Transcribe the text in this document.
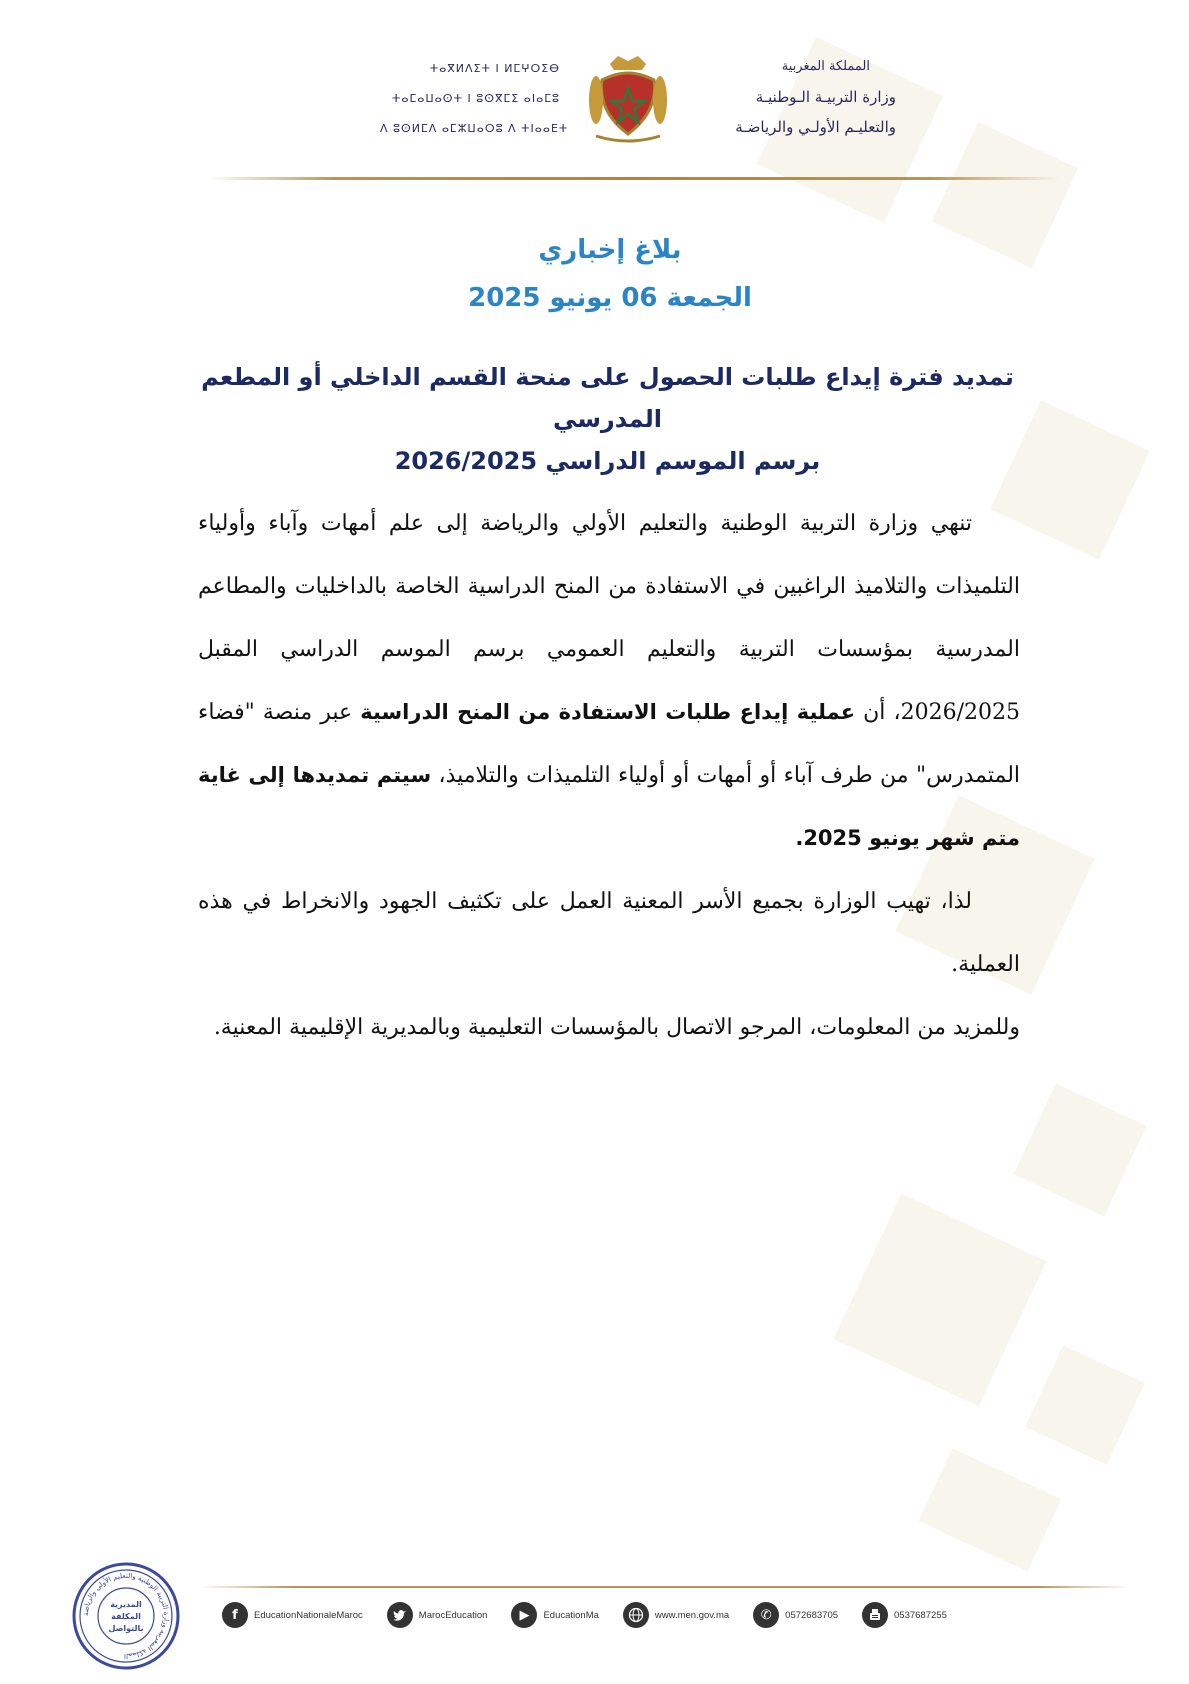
ⵜⴰⴳⵍⴷⵉⵜ ⵏ ⵍⵎⵖⵔⵉⴱ
ⵜⴰⵎⴰⵡⴰⵙⵜ ⵏ ⵓⵙⴳⵎⵉ ⴰⵏⴰⵎⵓ
ⴷ ⵓⵙⵍⵎⴷ ⴰⵎⵣⵡⴰⵔⵓ ⴷ ⵜⵏⴰⴰⴹⵜ
المملكة المغربية
وزارة التربيـة الـوطنيـة
والتعليـم الأولـي والرياضـة

بلاغ إخباري

الجمعة 06 يونيو 2025

تمديد فترة إيداع طلبات الحصول على منحة القسم الداخلي أو المطعم المدرسي

برسم الموسم الدراسي 2026/2025

تنهي وزارة التربية الوطنية والتعليم الأولي والرياضة إلى علم أمهات وآباء وأولياء التلميذات والتلاميذ الراغبين في الاستفادة من المنح الدراسية الخاصة بالداخليات والمطاعم المدرسية بمؤسسات التربية والتعليم العمومي برسم الموسم الدراسي المقبل 2026/2025، أن عملية إيداع طلبات الاستفادة من المنح الدراسية عبر منصة "فضاء المتمدرس" من طرف آباء أو أمهات أو أولياء التلميذات والتلاميذ، سيتم تمديدها إلى غاية متم شهر يونيو 2025.

لذا، تهيب الوزارة بجميع الأسر المعنية العمل على تكثيف الجهود والانخراط في هذه العملية.

وللمزيد من المعلومات، المرجو الاتصال بالمؤسسات التعليمية وبالمديرية الإقليمية المعنية.

المملكة المغربية وزارة التربية الوطنية والتعليم الأولي والرياضة
المديرية
المكلفة
بالتواصل
f	EducationNationaleMaroc	MarocEducation	▶	EducationMa	www.men.gov.ma	✆	0572683705	0537687255
